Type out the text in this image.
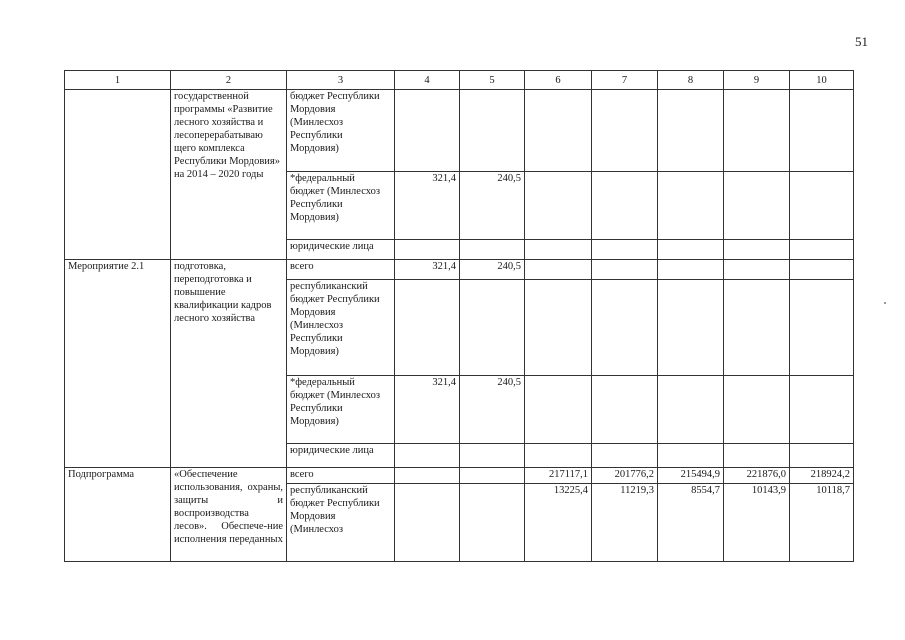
51
1	2	3	4	5	6	7	8	9	10
	государственной программы «Развитие лесного хозяйства и лесоперерабатываю щего комплекса Республики Мордовия» на 2014 – 2020 годы	бюджет Республики Мордовия (Минлесхоз Республики Мордовия)							
		*федеральный бюджет (Минлесхоз Республики Мордовия)	321,4	240,5					
		юридические лица							
Мероприятие 2.1	подготовка, переподготовка и повышение квалификации кадров лесного хозяйства	всего	321,4	240,5					
		республиканский бюджет Республики Мордовия (Минлесхоз Республики Мордовия)							
		*федеральный бюджет (Минлесхоз Республики Мордовия)	321,4	240,5					
		юридические лица							
Подпрограмма	«Обеспечение использования, охраны, защиты и воспроизводства лесов». Обеспече-ние исполнения переданных	всего			217117,1	201776,2	215494,9	221876,0	218924,2
		республиканский бюджет Республики Мордовия (Минлесхоз			13225,4	11219,3	8554,7	10143,9	10118,7
